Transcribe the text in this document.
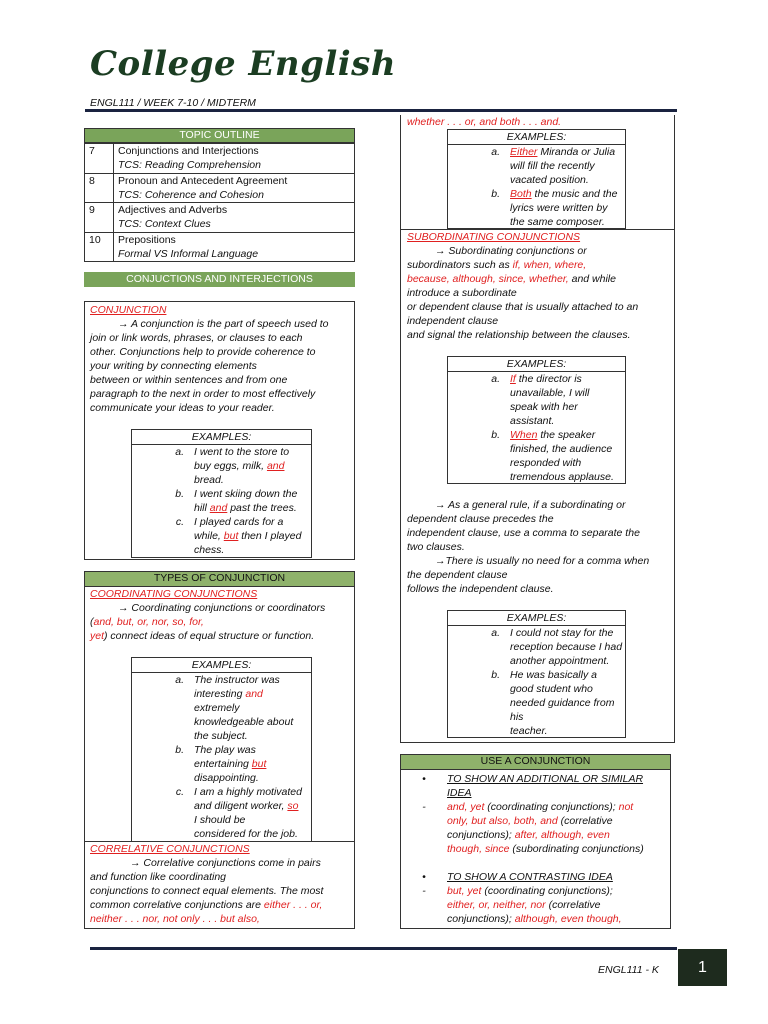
College English
ENGL111 / WEEK 7-10 / MIDTERM
TOPIC OUTLINE
7	Conjunctions and Interjections
TCS: Reading Comprehension

8	Pronoun and Antecedent Agreement
TCS: Coherence and Cohesion

9	Adjectives and Adverbs
TCS: Context Clues

10	Prepositions
Formal VS Informal Language
CONJUCTIONS AND INTERJECTIONS
CONJUNCTION
→ A conjunction is the part of speech used to
join or link words, phrases, or clauses to each
other. Conjunctions help to provide coherence to
your writing by connecting elements
between or within sentences and from one
paragraph to the next in order to most effectively
communicate your ideas to your reader.
EXAMPLES:
a. I went to the store to
buy eggs, milk, and
bread.
b. I went skiing down the
hill and past the trees.
c. I played cards for a
while, but then I played
chess.
TYPES OF CONJUNCTION
COORDINATING CONJUNCTIONS
→ Coordinating conjunctions or coordinators
(and, but, or, nor, so, for,
yet) connect ideas of equal structure or function.
EXAMPLES:
a. The instructor was
interesting and
extremely
knowledgeable about
the subject.
b. The play was
entertaining but
disappointing.
c. I am a highly motivated
and diligent worker, so
I should be
considered for the job.
CORRELATIVE CONJUNCTIONS
→ Correlative conjunctions come in pairs
and function like coordinating
conjunctions to connect equal elements. The most
common correlative conjunctions are either . . . or,
neither . . . nor, not only . . . but also,
whether . . . or, and both . . . and.
EXAMPLES:
a. Either Miranda or Julia
will fill the recently
vacated position.
b. Both the music and the
lyrics were written by
the same composer.
SUBORDINATING CONJUNCTIONS
→ Subordinating conjunctions or
subordinators such as if, when, where,
because, although, since, whether, and while
introduce a subordinate
or dependent clause that is usually attached to an
independent clause
and signal the relationship between the clauses.
EXAMPLES:
a. If the director is
unavailable, I will
speak with her
assistant.
b. When the speaker
finished, the audience
responded with
tremendous applause.
→ As a general rule, if a subordinating or
dependent clause precedes the
independent clause, use a comma to separate the
two clauses.
→There is usually no need for a comma when
the dependent clause
follows the independent clause.
EXAMPLES:
a. I could not stay for the
reception because I had
another appointment.
b. He was basically a
good student who
needed guidance from
his
teacher.
USE A CONJUNCTION
•	TO SHOW AN ADDITIONAL OR SIMILAR
IDEA
-	and, yet (coordinating conjunctions); not
only, but also, both, and (correlative
conjunctions); after, although, even
though, since (subordinating conjunctions)
•	TO SHOW A CONTRASTING IDEA
-	but, yet (coordinating conjunctions);
either, or, neither, nor (correlative
conjunctions); although, even though,
ENGL111 - K	1
